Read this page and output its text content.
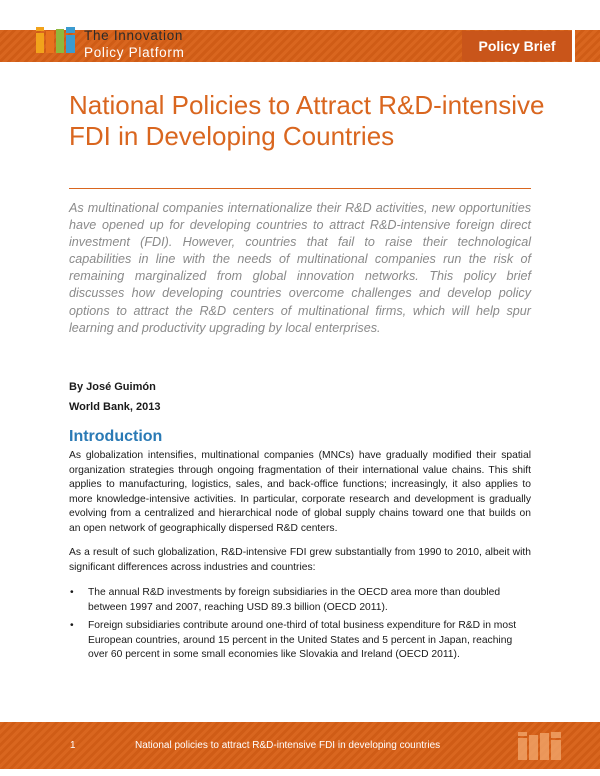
The Innovation
Policy Platform	Policy Brief
National Policies to Attract R&D-intensive FDI in Developing Countries

As multinational companies internationalize their R&D activities, new opportunities have opened up for developing countries to attract R&D-intensive foreign direct investment (FDI). However, countries that fail to raise their technological capabilities in line with the needs of multinational companies run the risk of remaining marginalized from global innovation networks. This policy brief discusses how developing countries overcome challenges and develop policy options to attract the R&D centers of multinational firms, which will help spur learning and productivity upgrading by local enterprises.

By José Guimón

World Bank, 2013

Introduction

As globalization intensifies, multinational companies (MNCs) have gradually modified their spatial organization strategies through ongoing fragmentation of their international value chains. This shift applies to manufacturing, logistics, sales, and back-office functions; increasingly, it also applies to more knowledge-intensive activities. In particular, corporate research and development is gradually evolving from a centralized and hierarchical node of global supply chains toward one that builds on an open network of geographically dispersed R&D centers.

As a result of such globalization, R&D-intensive FDI grew substantially from 1990 to 2010, albeit with significant differences across industries and countries:

• The annual R&D investments by foreign subsidiaries in the OECD area more than doubled between 1997 and 2007, reaching USD 89.3 billion (OECD 2011).

• Foreign subsidiaries contribute around one-third of total business expenditure for R&D in most European countries, around 15 percent in the United States and 5 percent in Japan, reaching over 60 percent in some small economies like Slovakia and Ireland (OECD 2011).

1	National policies to attract R&D-intensive FDI in developing countries
